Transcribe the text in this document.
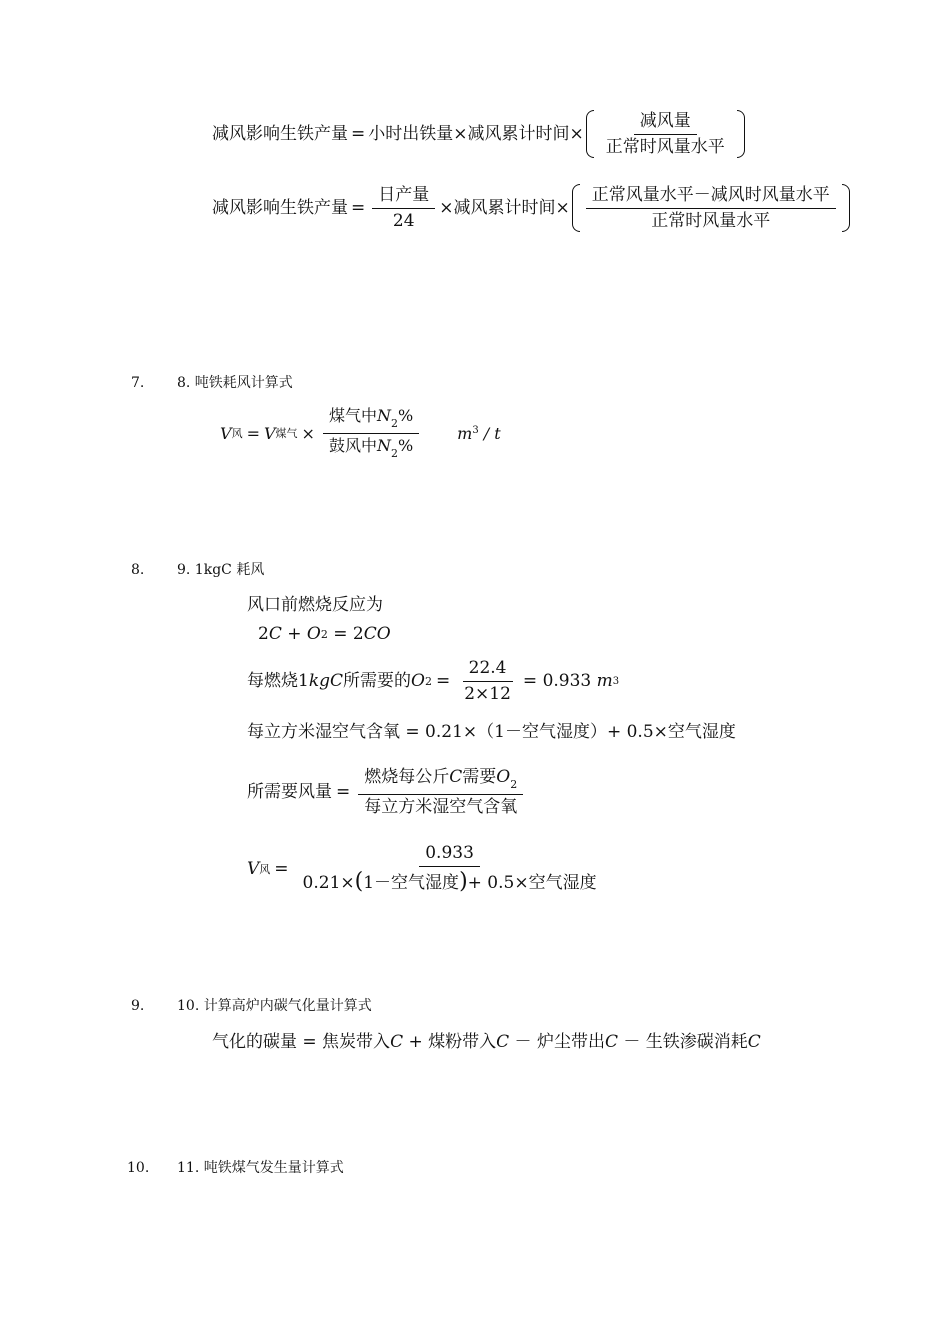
减风影响生铁产量 = 小时出铁量 × 减风累计时间 × $\frac{\text{减风量}}{\text{正常时风量水平}}$
减风影响生铁产量 = $\frac{\text{日产量}}{24}$ × 减风累计时间 × $\frac{\text{正常风量水平－减风时风量水平}}{\text{正常时风量水平}}$
7. 8. 吨铁耗风计算式
V 风 = V 煤气 × $\frac{煤气中N_2\%}{鼓风中N_2\%} m^3$ / t
8. 9. 1kgC 耗风
风口前燃烧反应为
2 C + O 2 = 2 CO
每燃烧 1 kgC 所需要的 O $2 = \frac{22.4}{2\times 12} = 0.933$
m 3
每立方米湿空气含氧 = 0.21×（1－空气湿度）+ 0.5×空气湿度
所需要风量 = $\frac{燃烧每公斤C需要O_2}{\text{每立方米湿空气含氧}}$
V 风 = $\frac{0.933}{\text{0.21×(1－空气湿度)+ 0.5×空气湿度}}$
9. 10. 计算高炉内碳气化量计算式
气化的碳量 = 焦炭带入 C + 煤粉带入 C － 炉尘带出 C － 生铁渗碳消耗 C
10. 11. 吨铁煤气发生量计算式
